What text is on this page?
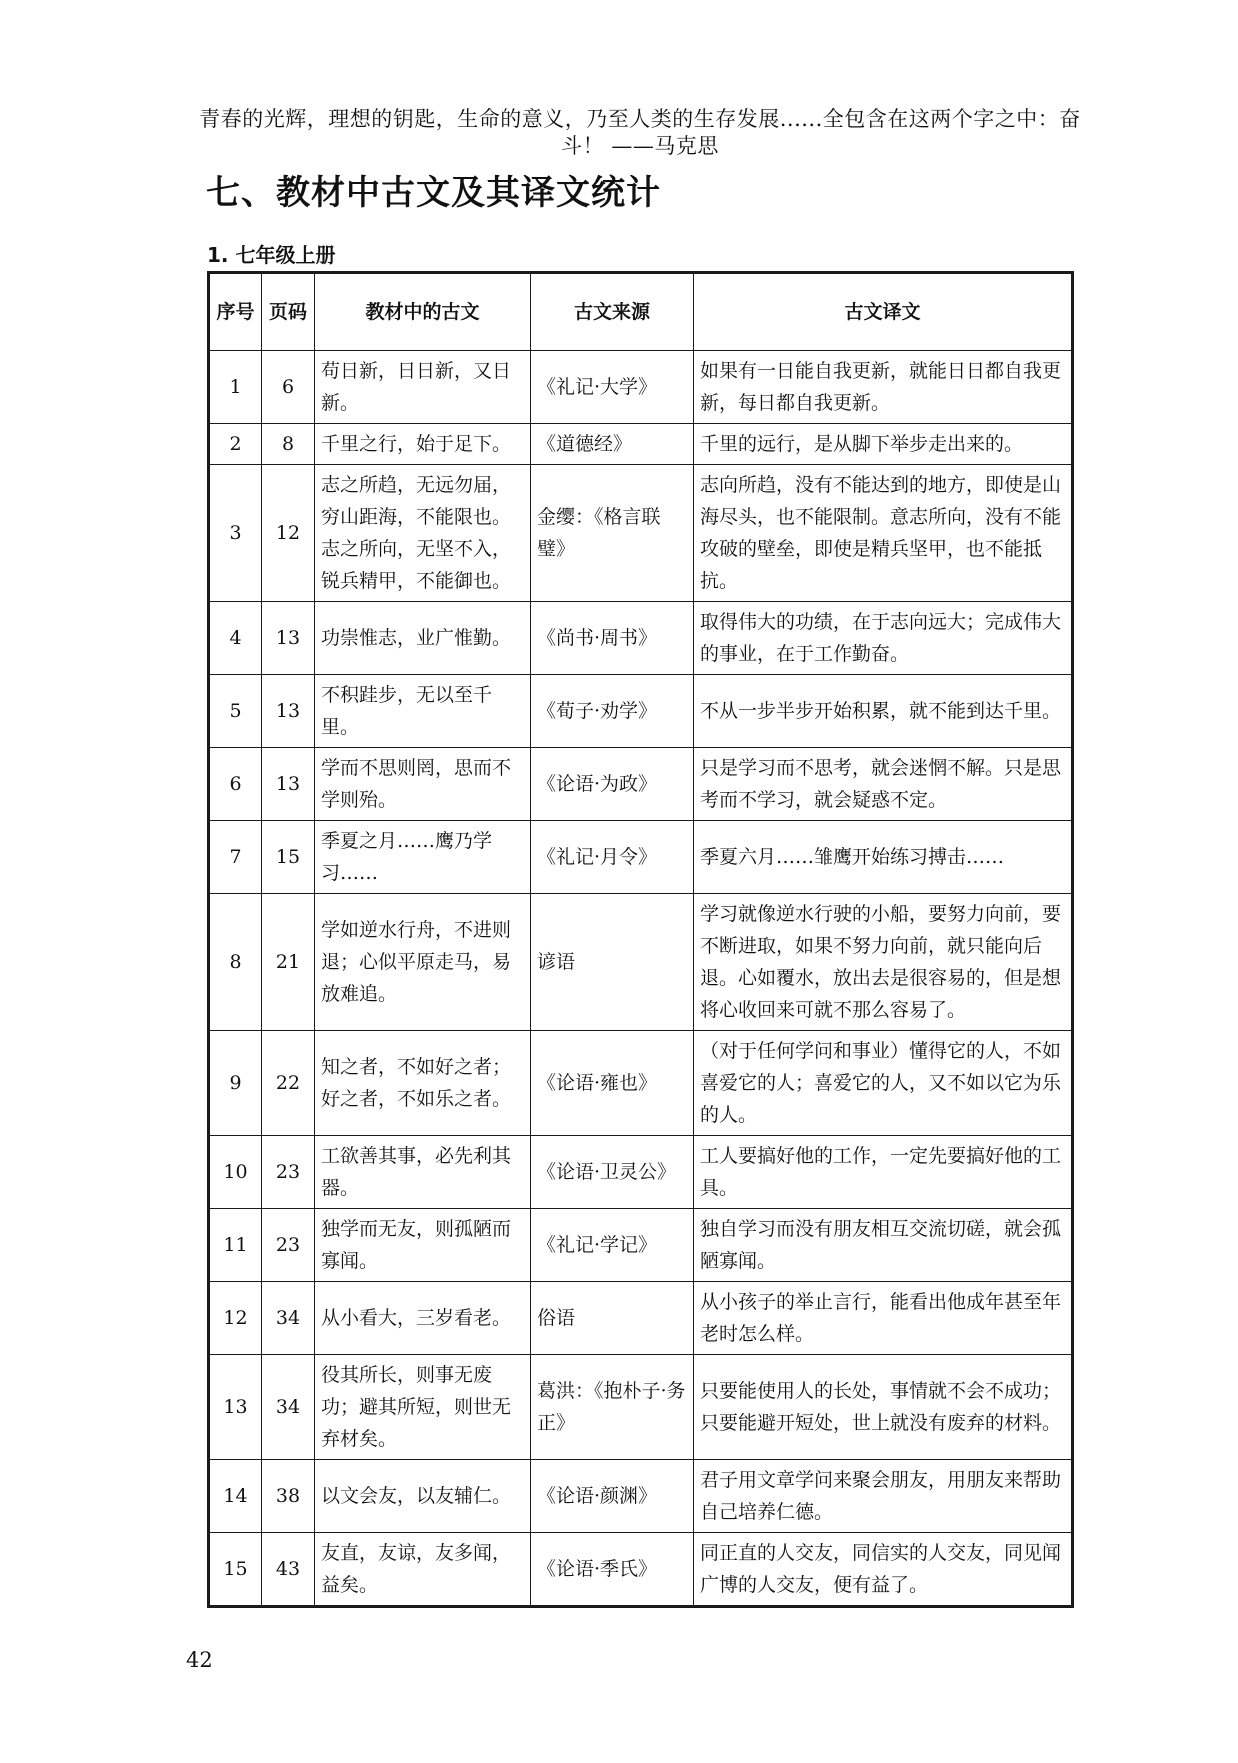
青春的光辉，理想的钥匙，生命的意义，乃至人类的生存发展......全包含在这两个字之中：奋斗！ ——马克思
七、教材中古文及其译文统计
1. 七年级上册
序号	页码	教材中的古文	古文来源	古文译文
1	6	苟日新，日日新，又日新。	《礼记·大学》	如果有一日能自我更新，就能日日都自我更新，每日都自我更新。
2	8	千里之行，始于足下。	《道德经》	千里的远行，是从脚下举步走出来的。
3	12	志之所趋，无远勿届，穷山距海，不能限也。志之所向，无坚不入，锐兵精甲，不能御也。	金缨：《格言联璧》	志向所趋，没有不能达到的地方，即使是山海尽头，也不能限制。意志所向，没有不能攻破的壁垒，即使是精兵坚甲，也不能抵抗。
4	13	功崇惟志，业广惟勤。	《尚书·周书》	取得伟大的功绩，在于志向远大；完成伟大的事业，在于工作勤奋。
5	13	不积跬步，无以至千里。	《荀子·劝学》	不从一步半步开始积累，就不能到达千里。
6	13	学而不思则罔，思而不学则殆。	《论语·为政》	只是学习而不思考，就会迷惘不解。只是思考而不学习，就会疑惑不定。
7	15	季夏之月……鹰乃学习……	《礼记·月令》	季夏六月……雏鹰开始练习搏击……
8	21	学如逆水行舟，不进则退；心似平原走马，易放难追。	谚语	学习就像逆水行驶的小船，要努力向前，要不断进取，如果不努力向前，就只能向后退。心如覆水，放出去是很容易的，但是想将心收回来可就不那么容易了。
9	22	知之者，不如好之者；好之者，不如乐之者。	《论语·雍也》	（对于任何学问和事业）懂得它的人，不如喜爱它的人；喜爱它的人，又不如以它为乐的人。
10	23	工欲善其事，必先利其器。	《论语·卫灵公》	工人要搞好他的工作，一定先要搞好他的工具。
11	23	独学而无友，则孤陋而寡闻。	《礼记·学记》	独自学习而没有朋友相互交流切磋，就会孤陋寡闻。
12	34	从小看大，三岁看老。	俗语	从小孩子的举止言行，能看出他成年甚至年老时怎么样。
13	34	役其所长，则事无废功；避其所短，则世无弃材矣。	葛洪：《抱朴子·务正》	只要能使用人的长处，事情就不会不成功；只要能避开短处，世上就没有废弃的材料。
14	38	以文会友，以友辅仁。	《论语·颜渊》	君子用文章学问来聚会朋友，用朋友来帮助自己培养仁德。
15	43	友直，友谅，友多闻，益矣。	《论语·季氏》	同正直的人交友，同信实的人交友，同见闻广博的人交友，便有益了。
42
